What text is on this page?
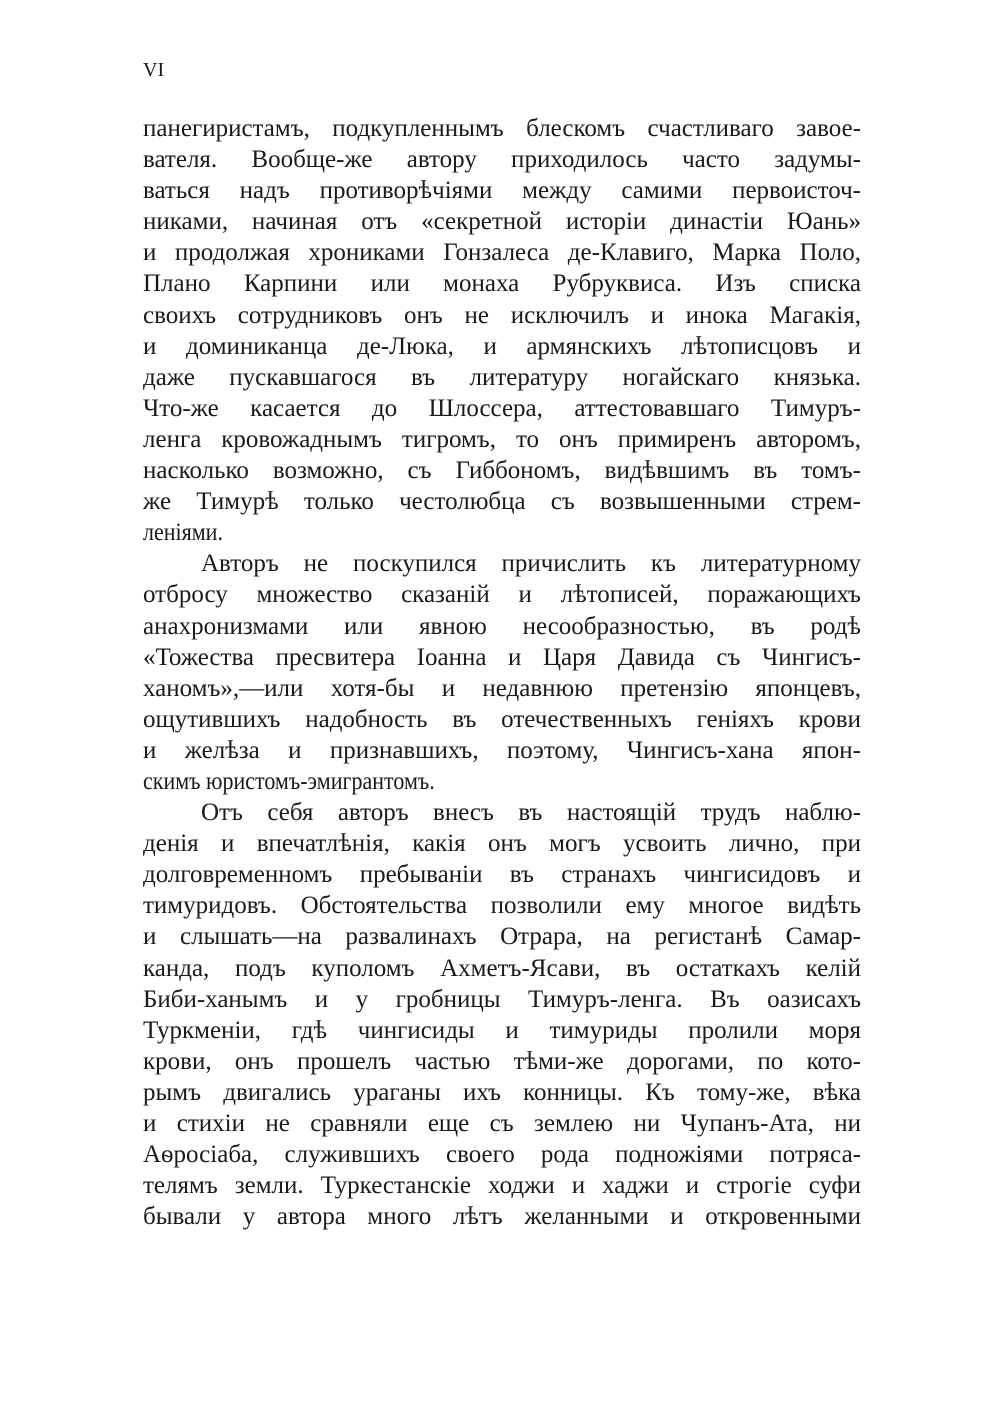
VI
панегиристамъ, подкупленнымъ блескомъ счастливаго завое-
вателя. Вообще-же автору приходилось часто задумы-
ваться надъ противорѣчіями между самими первоисточ-
никами, начиная отъ «секретной исторіи династіи Юань»
и продолжая хрониками Гонзалеса де-Клавиго, Марка Поло,
Плано Карпини или монаха Рубруквиса. Изъ списка
своихъ сотрудниковъ онъ не исключилъ и инока Магакія,
и доминиканца де-Люка, и армянскихъ лѣтописцовъ и
даже пускавшагося въ литературу ногайскаго князька.
Что-же касается до Шлоссера, аттестовавшаго Тимуръ-
ленга кровожаднымъ тигромъ, то онъ примиренъ авторомъ,
насколько возможно, съ Гиббономъ, видѣвшимъ въ томъ-
же Тимурѣ только честолюбца съ возвышенными стрем-
леніями.
Авторъ не поскупился причислить къ литературному
отбросу множество сказаній и лѣтописей, поражающихъ
анахронизмами или явною несообразностью, въ родѣ
«Тожества пресвитера Іоанна и Царя Давида съ Чингисъ-
ханомъ»,—или хотя-бы и недавнюю претензію японцевъ,
ощутившихъ надобность въ отечественныхъ геніяхъ крови
и желѣза и признавшихъ, поэтому, Чингисъ-хана япон-
скимъ юристомъ-эмигрантомъ.
Отъ себя авторъ внесъ въ настоящій трудъ наблю-
денія и впечатлѣнія, какія онъ могъ усвоить лично, при
долговременномъ пребываніи въ странахъ чингисидовъ и
тимуридовъ. Обстоятельства позволили ему многое видѣть
и слышать—на развалинахъ Отрара, на регистанѣ Самар-
канда, подъ куполомъ Ахметъ-Ясави, въ остаткахъ келій
Биби-ханымъ и у гробницы Тимуръ-ленга. Въ оазисахъ
Туркменіи, гдѣ чингисиды и тимуриды пролили моря
крови, онъ прошелъ частью тѣми-же дорогами, по кото-
рымъ двигались ураганы ихъ конницы. Къ тому-же, вѣка
и стихіи не сравняли еще съ землею ни Чупанъ-Ата, ни
Аѳросіаба, служившихъ своего рода подножіями потряса-
телямъ земли. Туркестанскіе ходжи и хаджи и строгіе суфи
бывали у автора много лѣтъ желанными и откровенными
